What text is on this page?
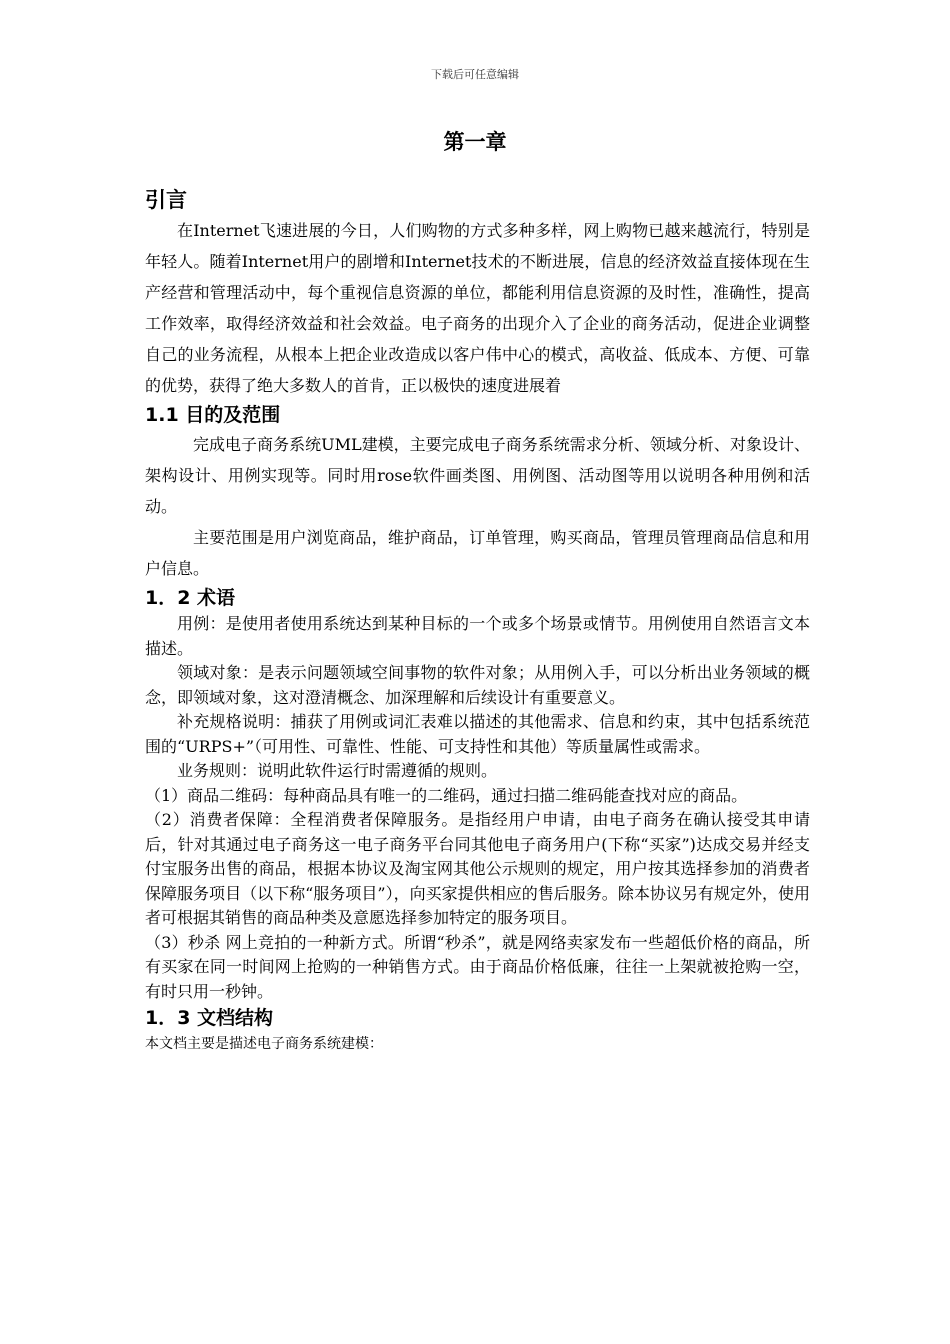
下载后可任意编辑
第一章
引言

在Internet飞速进展的今日，人们购物的方式多种多样，网上购物已越来越流行，特别是年轻人。随着Internet用户的剧增和Internet技术的不断进展，信息的经济效益直接体现在生产经营和管理活动中，每个重视信息资源的单位，都能利用信息资源的及时性，准确性，提高工作效率，取得经济效益和社会效益。电子商务的出现介入了企业的商务活动，促进企业调整自己的业务流程，从根本上把企业改造成以客户伟中心的模式，高收益、低成本、方便、可靠的优势，获得了绝大多数人的首肯，正以极快的速度进展着

1.1 目的及范围

完成电子商务系统UML建模，主要完成电子商务系统需求分析、领域分析、对象设计、架构设计、用例实现等。同时用rose软件画类图、用例图、活动图等用以说明各种用例和活动。

主要范围是用户浏览商品，维护商品，订单管理，购买商品，管理员管理商品信息和用户信息。

1．2 术语

用例：是使用者使用系统达到某种目标的一个或多个场景或情节。用例使用自然语言文本描述。

领域对象：是表示问题领域空间事物的软件对象；从用例入手，可以分析出业务领域的概念，即领域对象，这对澄清概念、加深理解和后续设计有重要意义。

补充规格说明：捕获了用例或词汇表难以描述的其他需求、信息和约束，其中包括系统范围的“URPS+”（可用性、可靠性、性能、可支持性和其他）等质量属性或需求。

业务规则：说明此软件运行时需遵循的规则。

（1）商品二维码：每种商品具有唯一的二维码，通过扫描二维码能查找对应的商品。

（2）消费者保障：全程消费者保障服务。是指经用户申请，由电子商务在确认接受其申请后，针对其通过电子商务这一电子商务平台同其他电子商务用户(下称“买家”)达成交易并经支付宝服务出售的商品，根据本协议及淘宝网其他公示规则的规定，用户按其选择参加的消费者保障服务项目（以下称“服务项目”），向买家提供相应的售后服务。除本协议另有规定外，使用者可根据其销售的商品种类及意愿选择参加特定的服务项目。

（3）秒杀 网上竞拍的一种新方式。所谓“秒杀”，就是网络卖家发布一些超低价格的商品，所有买家在同一时间网上抢购的一种销售方式。由于商品价格低廉，往往一上架就被抢购一空，有时只用一秒钟。

1．3 文档结构

本文档主要是描述电子商务系统建模：
